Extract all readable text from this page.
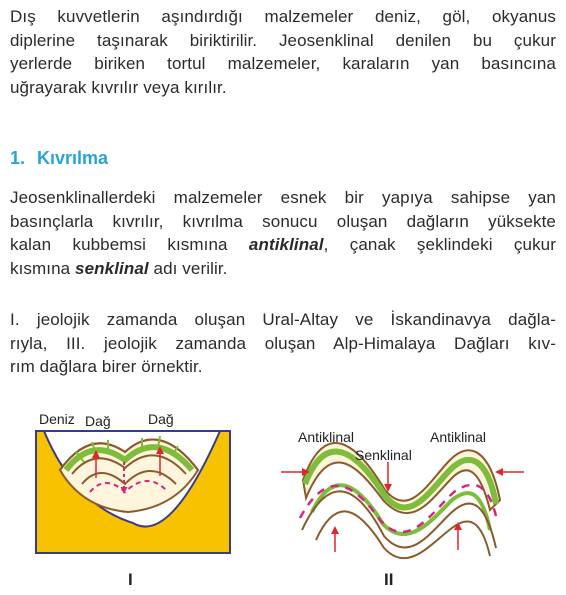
Dış kuvvetlerin aşındırdığı malzemeler deniz, göl, okyanus
diplerine taşınarak biriktirilir. Jeosenklinal denilen bu çukur
yerlerde biriken tortul malzemeler, karaların yan basıncına
uğrayarak kıvrılır veya kırılır.
1. Kıvrılma
Jeosenklinallerdeki malzemeler esnek bir yapıya sahipse yan
basınçlarla kıvrılır, kıvrılma sonucu oluşan dağların yüksekte
kalan kubbemsi kısmına antiklinal, çanak şeklindeki çukur
kısmına senklinal adı verilir.
I. jeolojik zamanda oluşan Ural-Altay ve İskandinavya dağla-
rıyla, III. jeolojik zamanda oluşan Alp-Himalaya Dağları kıv-
rım dağlara birer örnektir.
Deniz Dağ	Dağ
I
Antiklinal
Senklinal
Antiklinal
II
